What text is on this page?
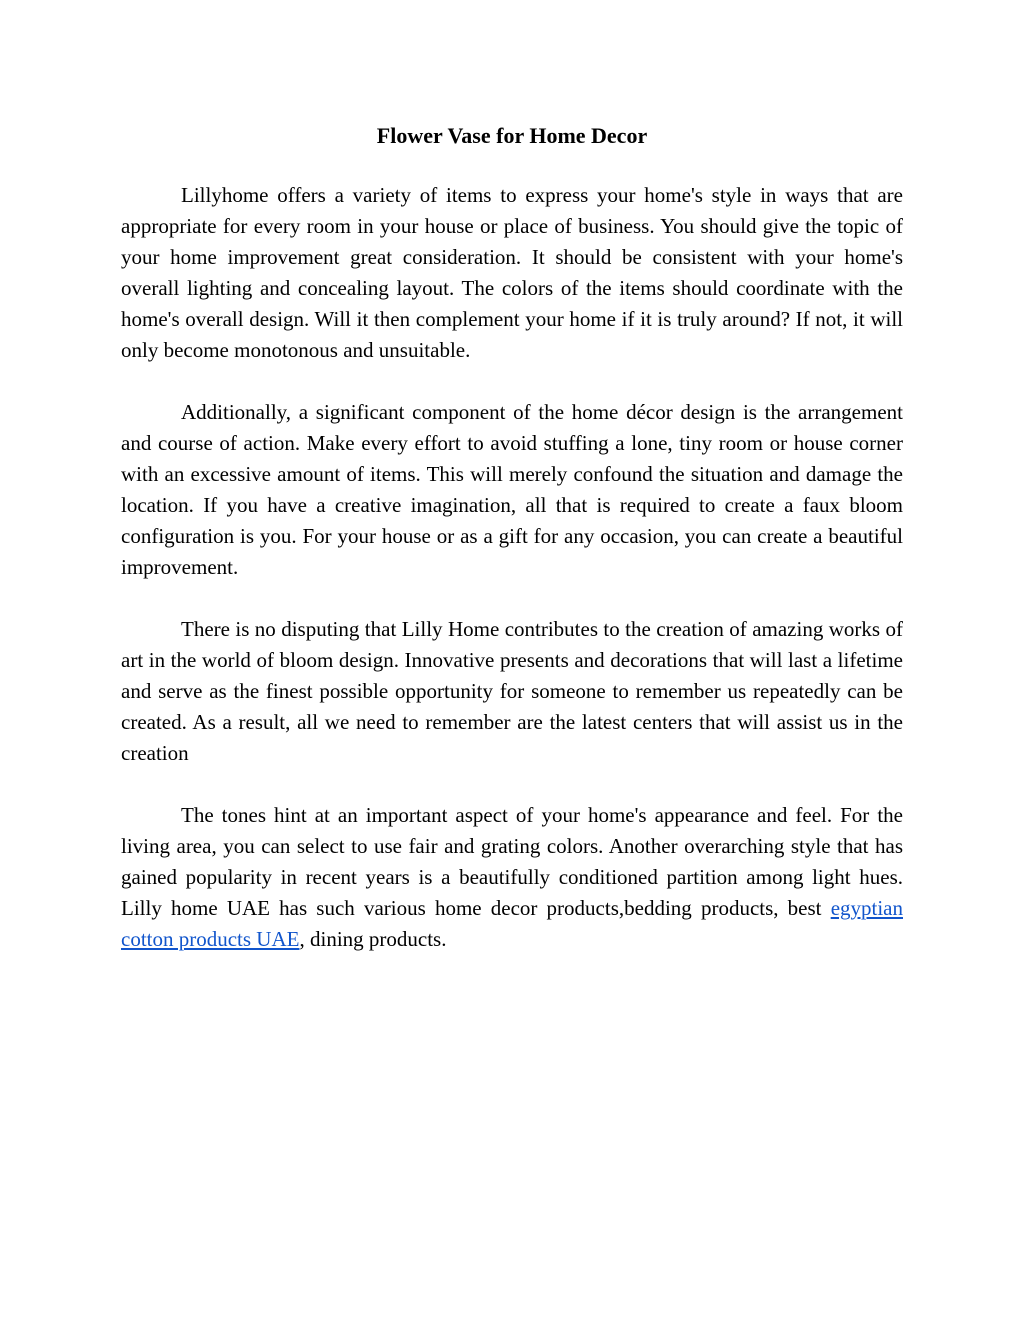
Flower Vase for Home Decor

Lillyhome offers a variety of items to express your home's style in ways that are appropriate for every room in your house or place of business. You should give the topic of your home improvement great consideration. It should be consistent with your home's overall lighting and concealing layout. The colors of the items should coordinate with the home's overall design. Will it then complement your home if it is truly around? If not, it will only become monotonous and unsuitable.

Additionally, a significant component of the home décor design is the arrangement and course of action. Make every effort to avoid stuffing a lone, tiny room or house corner with an excessive amount of items. This will merely confound the situation and damage the location. If you have a creative imagination, all that is required to create a faux bloom configuration is you. For your house or as a gift for any occasion, you can create a beautiful improvement.

There is no disputing that Lilly Home contributes to the creation of amazing works of art in the world of bloom design. Innovative presents and decorations that will last a lifetime and serve as the finest possible opportunity for someone to remember us repeatedly can be created. As a result, all we need to remember are the latest centers that will assist us in the creation

The tones hint at an important aspect of your home's appearance and feel. For the living area, you can select to use fair and grating colors. Another overarching style that has gained popularity in recent years is a beautifully conditioned partition among light hues. Lilly home UAE has such various home decor products,bedding products, best egyptian cotton products UAE, dining products.
